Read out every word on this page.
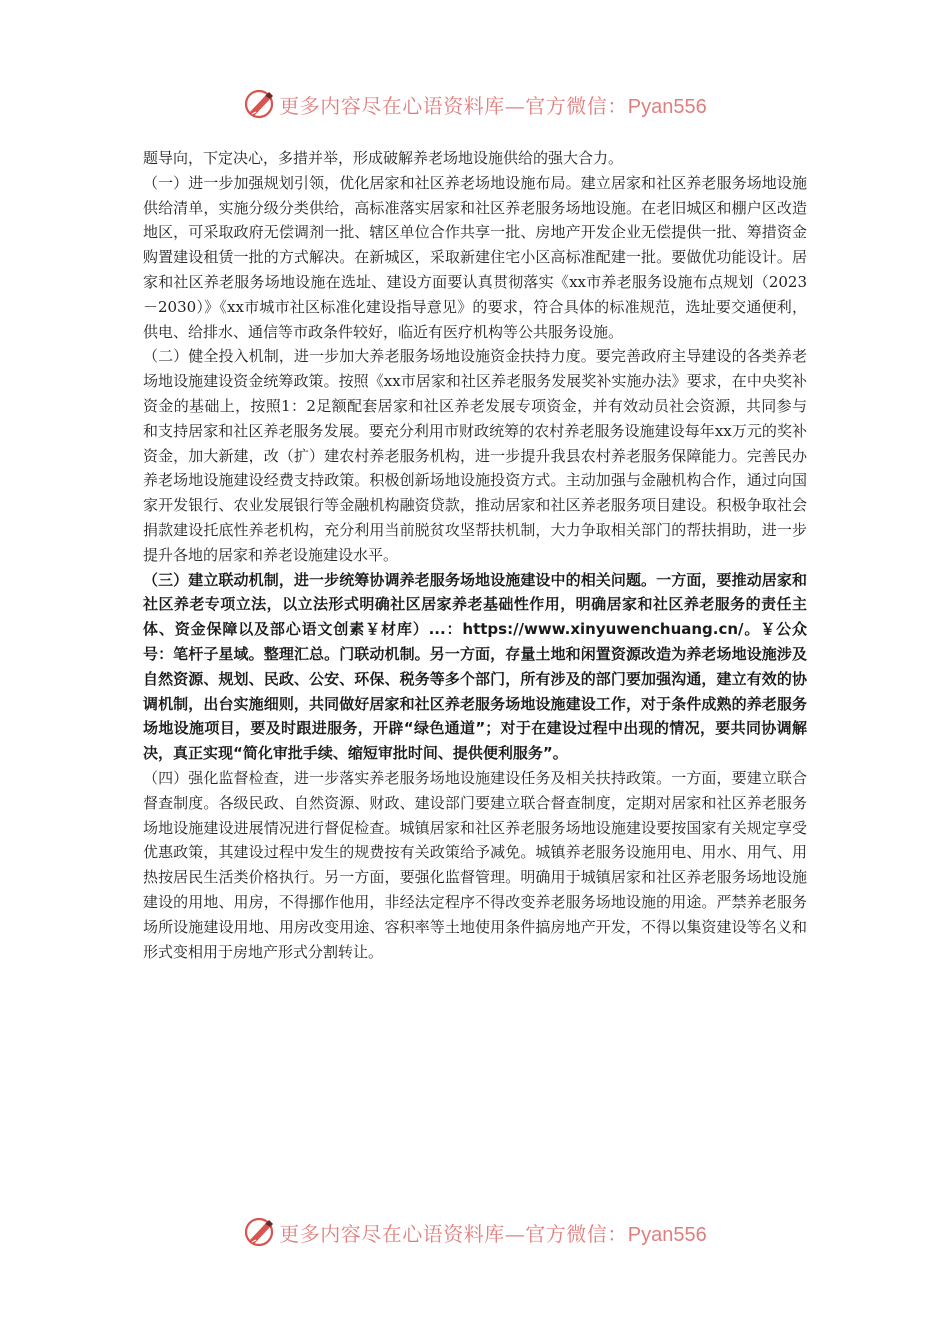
更多内容尽在心语资料库—官方微信：Pyan556

题导向，下定决心，多措并举，形成破解养老场地设施供给的强大合力。

（一）进一步加强规划引领，优化居家和社区养老场地设施布局。建立居家和社区养老服务场地设施供给清单，实施分级分类供给，高标准落实居家和社区养老服务场地设施。在老旧城区和棚户区改造地区，可采取政府无偿调剂一批、辖区单位合作共享一批、房地产开发企业无偿提供一批、筹措资金购置建设租赁一批的方式解决。在新城区，采取新建住宅小区高标准配建一批。要做优功能设计。居家和社区养老服务场地设施在选址、建设方面要认真贯彻落实《xx市养老服务设施布点规划（2023－2030）》《xx市城市社区标准化建设指导意见》的要求，符合具体的标准规范，选址要交通便利，供电、给排水、通信等市政条件较好，临近有医疗机构等公共服务设施。

（二）健全投入机制，进一步加大养老服务场地设施资金扶持力度。要完善政府主导建设的各类养老场地设施建设资金统筹政策。按照《xx市居家和社区养老服务发展奖补实施办法》要求，在中央奖补资金的基础上，按照1：2足额配套居家和社区养老发展专项资金，并有效动员社会资源，共同参与和支持居家和社区养老服务发展。要充分利用市财政统筹的农村养老服务设施建设每年xx万元的奖补资金，加大新建，改（扩）建农村养老服务机构，进一步提升我县农村养老服务保障能力。完善民办养老场地设施建设经费支持政策。积极创新场地设施投资方式。主动加强与金融机构合作，通过向国家开发银行、农业发展银行等金融机构融资贷款，推动居家和社区养老服务项目建设。积极争取社会捐款建设托底性养老机构，充分利用当前脱贫攻坚帮扶机制，大力争取相关部门的帮扶捐助，进一步提升各地的居家和养老设施建设水平。

（三）建立联动机制，进一步统筹协调养老服务场地设施建设中的相关问题。一方面，要推动居家和社区养老专项立法，以立法形式明确社区居家养老基础性作用，明确居家和社区养老服务的责任主体、资金保障以及部心语文创素￥材库）...：https://www.xinyuwenchuang.cn/。￥公众号：笔杆子星域。整理汇总。门联动机制。另一方面，存量土地和闲置资源改造为养老场地设施涉及自然资源、规划、民政、公安、环保、税务等多个部门，所有涉及的部门要加强沟通，建立有效的协调机制，出台实施细则，共同做好居家和社区养老服务场地设施建设工作，对于条件成熟的养老服务场地设施项目，要及时跟进服务，开辟“绿色通道”；对于在建设过程中出现的情况，要共同协调解决，真正实现“简化审批手续、缩短审批时间、提供便利服务”。

（四）强化监督检查，进一步落实养老服务场地设施建设任务及相关扶持政策。一方面，要建立联合督查制度。各级民政、自然资源、财政、建设部门要建立联合督查制度，定期对居家和社区养老服务场地设施建设进展情况进行督促检查。城镇居家和社区养老服务场地设施建设要按国家有关规定享受优惠政策，其建设过程中发生的规费按有关政策给予减免。城镇养老服务设施用电、用水、用气、用热按居民生活类价格执行。另一方面，要强化监督管理。明确用于城镇居家和社区养老服务场地设施建设的用地、用房，不得挪作他用，非经法定程序不得改变养老服务场地设施的用途。严禁养老服务场所设施建设用地、用房改变用途、容积率等土地使用条件搞房地产开发，不得以集资建设等名义和形式变相用于房地产形式分割转让。

更多内容尽在心语资料库—官方微信：Pyan556
